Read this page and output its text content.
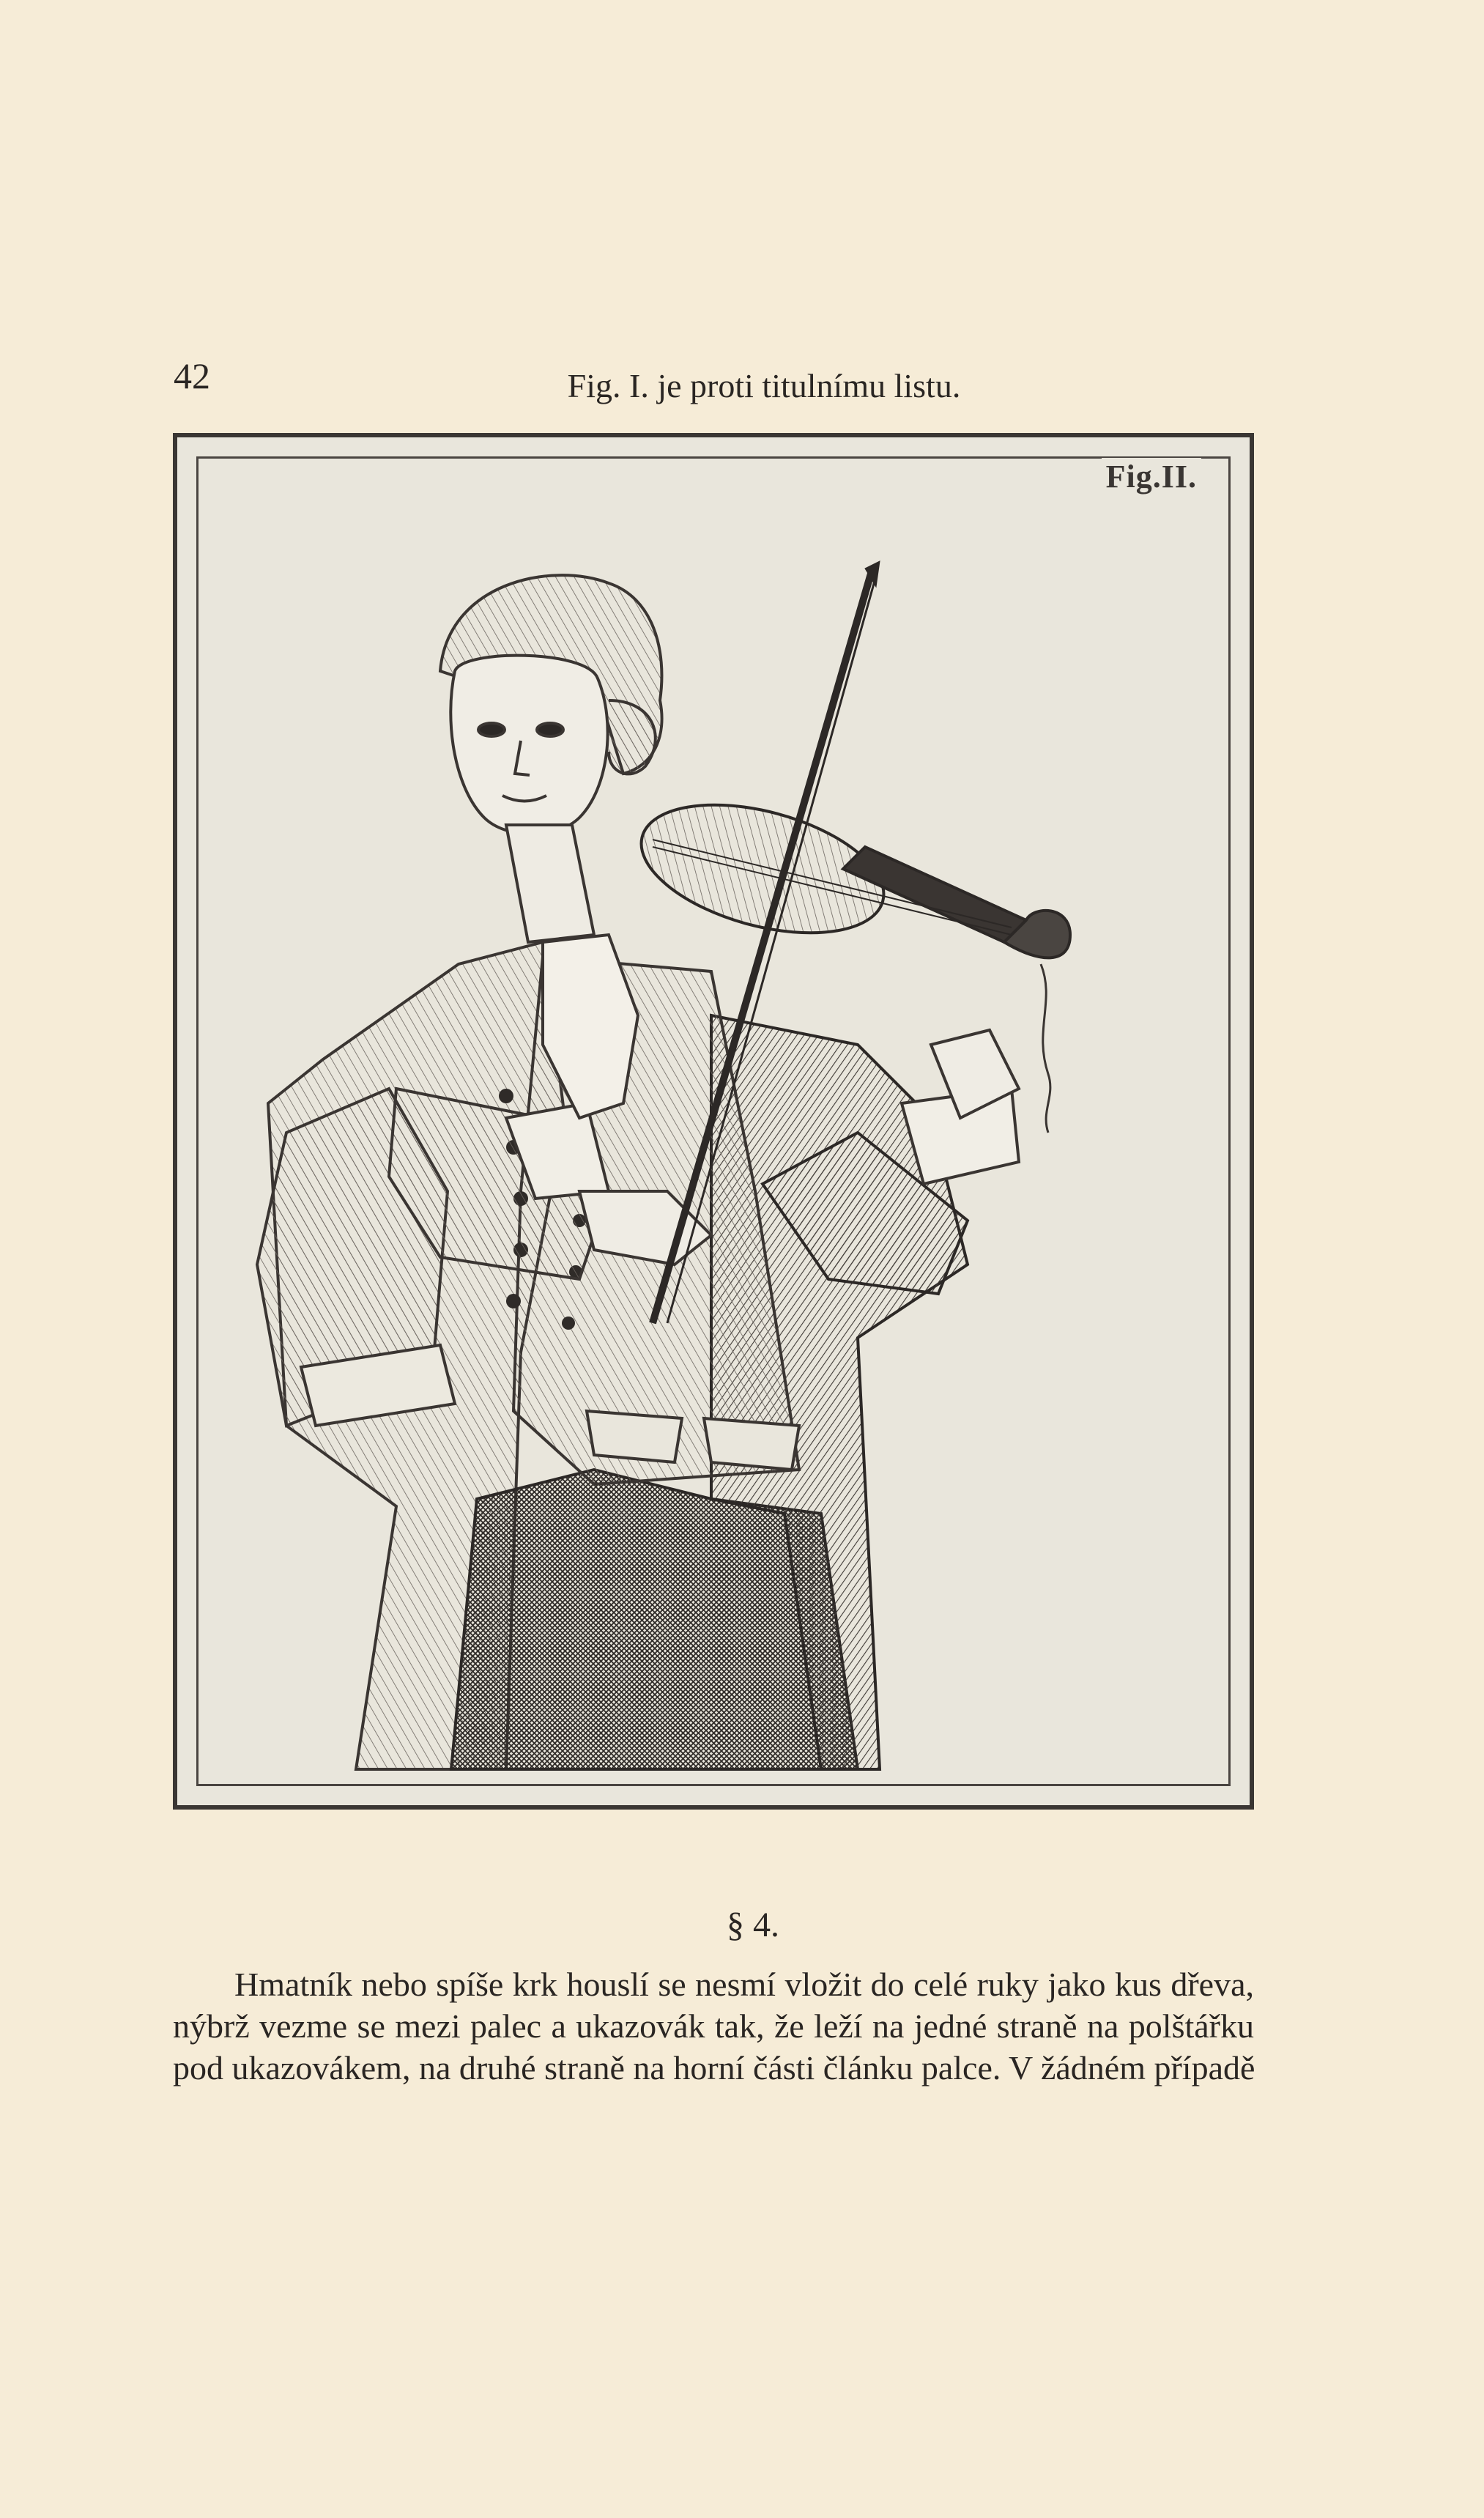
42	Fig. I. je proti titulnímu listu.
Fig.II.
§ 4.
Hmatník nebo spíše krk houslí se nesmí vložit do celé ruky jako kus dřeva,
nýbrž vezme se mezi palec a ukazovák tak, že leží na jedné straně na polštářku
pod ukazovákem, na druhé straně na horní části článku palce. V žádném případě
